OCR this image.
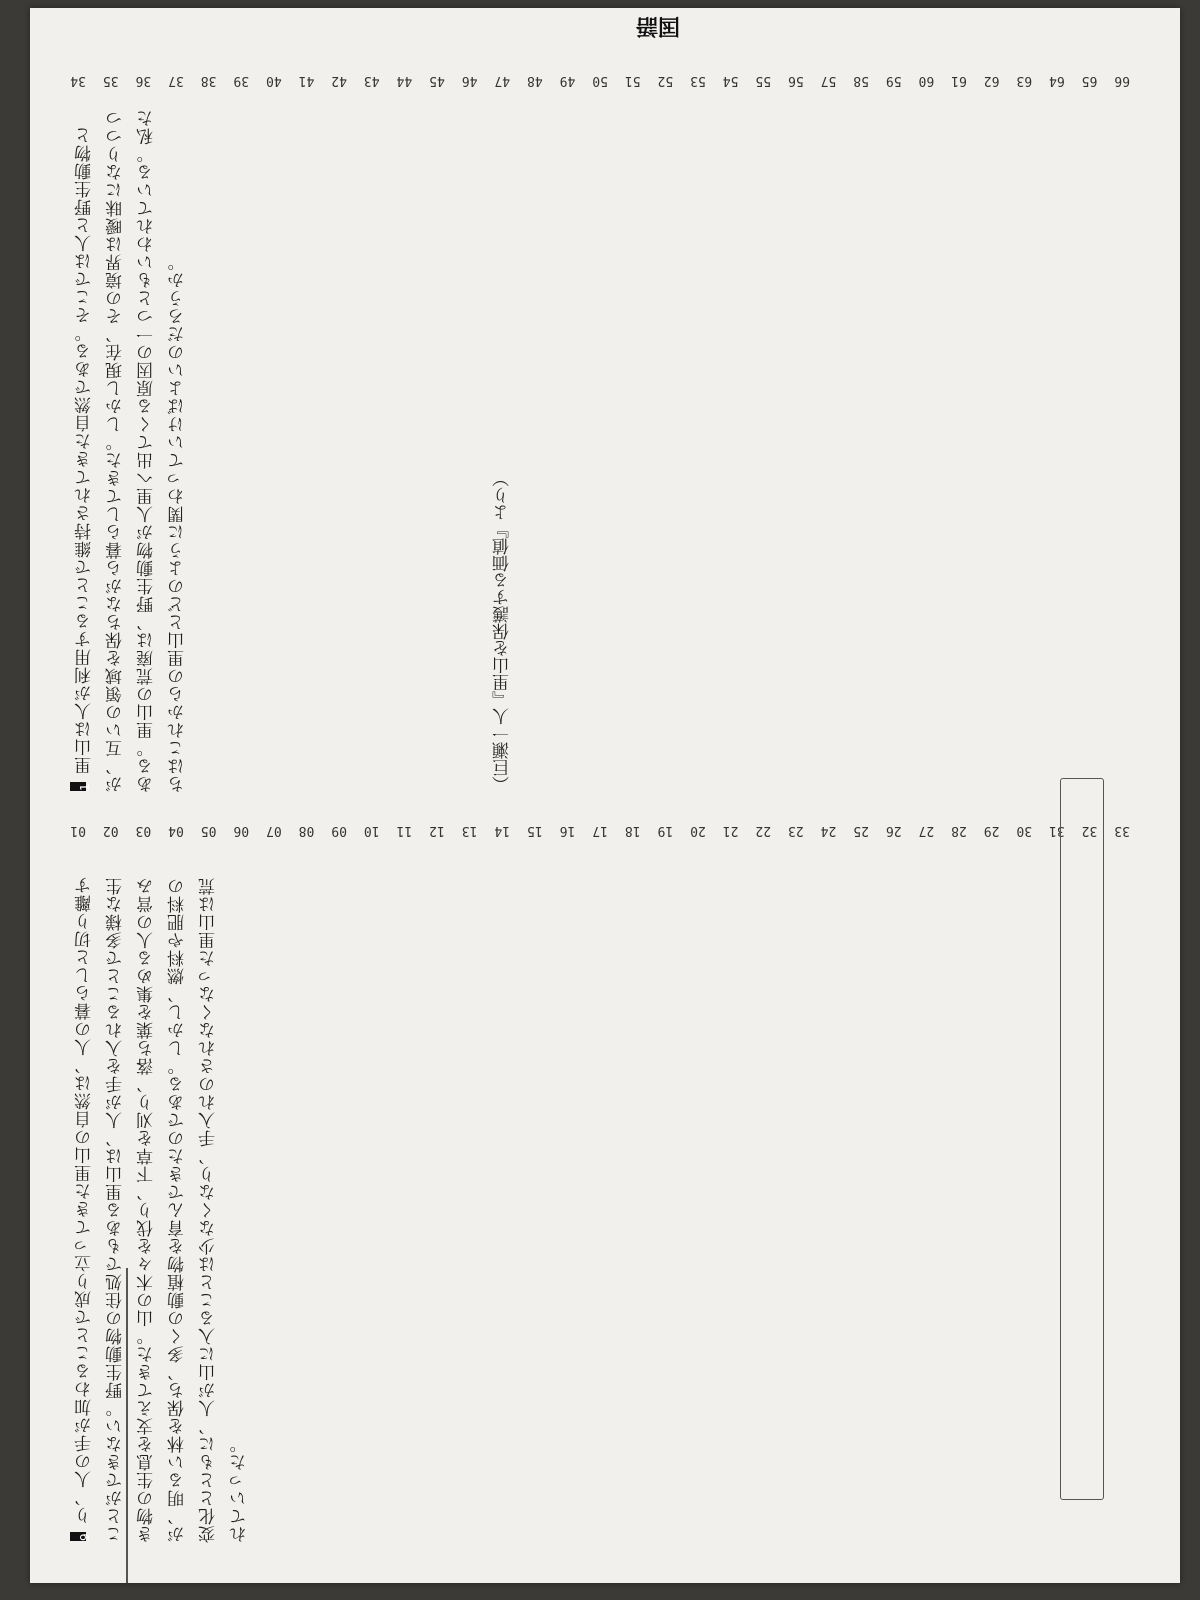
66
65
64
63
62
61
60
59
58
57
56
55
54
53
52
51
50
49
48
47
46
45
44
43
42
41
40
39
38
37
36
35
34
33
32
31
30
29
28
27
26
25
24
23
22
21
20
19
18
17
16
15
14
13
12
11
10
09
08
07
06
05
04
03
02
01
1 里山は人が利用することで維持されてきた自然である。そこでは人と野生動物とが、互いの領域を保ちながら暮らしてきた。しかし現在、その境界は曖昧になりつつある。里山の荒廃は、野生動物が人里へ出てくる原因の一つともいわれている。私たちはこれからの里山とどのように関わっていけばよいのだろうか。
9 り、人の手が加わることで成り立ってきた里山の自然は、人の暮らしと切り離すことができない。野生動物の住処でもある里山は、人が手を入れることで多様な生き物の生息を支えてきた。山の木々を伐り、下草を刈り、落ち葉を集める人の営みが、明るい林を保ち、多くの動植物を育んできたのである。しかし、燃料や肥料の変化とともに、人が山に入ることは少なくなり、手入れのされなくなった里山は荒れていった。
（巨瀬一人『里山を保護する価値』より）
国語
